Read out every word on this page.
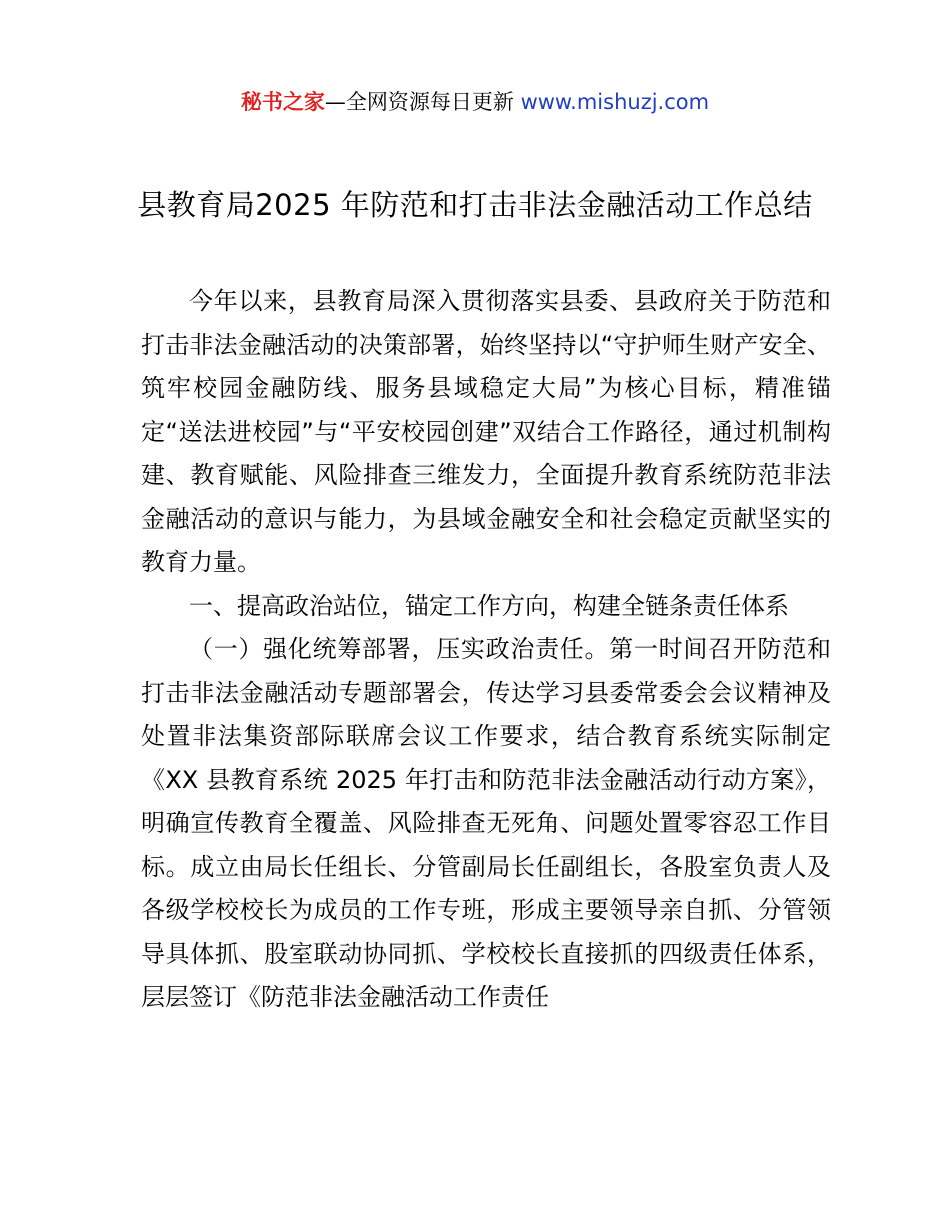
秘书之家—全网资源每日更新 www.mishuzj.com
县教育局2025 年防范和打击非法金融活动工作总结

今年以来，县教育局深入贯彻落实县委、县政府关于防范和打击非法金融活动的决策部署，始终坚持以“守护师生财产安全、筑牢校园金融防线、服务县域稳定大局”为核心目标，精准锚定“送法进校园”与“平安校园创建”双结合工作路径，通过机制构建、教育赋能、风险排查三维发力，全面提升教育系统防范非法金融活动的意识与能力，为县域金融安全和社会稳定贡献坚实的教育力量。

一、提高政治站位，锚定工作方向，构建全链条责任体系

（一）强化统筹部署，压实政治责任。第一时间召开防范和打击非法金融活动专题部署会，传达学习县委常委会会议精神及处置非法集资部际联席会议工作要求，结合教育系统实际制定《XX 县教育系统 2025 年打击和防范非法金融活动行动方案》，明确宣传教育全覆盖、风险排查无死角、问题处置零容忍工作目标。成立由局长任组长、分管副局长任副组长，各股室负责人及各级学校校长为成员的工作专班，形成主要领导亲自抓、分管领导具体抓、股室联动协同抓、学校校长直接抓的四级责任体系，层层签订《防范非法金融活动工作责任
